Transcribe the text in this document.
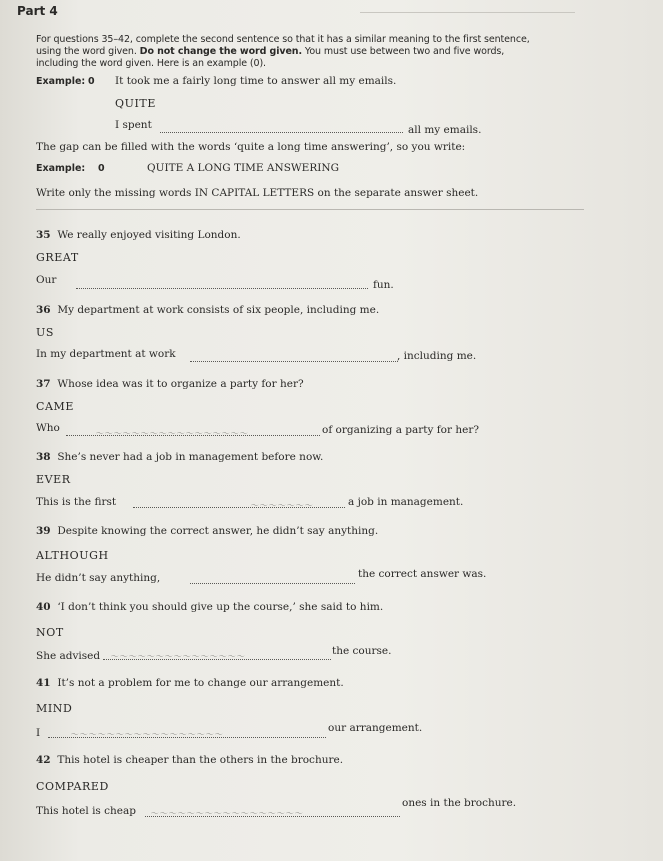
Part 4
For questions 35–42, complete the second sentence so that it has a similar meaning to the first sentence,
using the word given. Do not change the word given. You must use between two and five words,
including the word given. Here is an example (0).
Example: 0 It took me a fairly long time to answer all my emails.
QUITE
I spent	all my emails.
The gap can be filled with the words ‘quite a long time answering’, so you write:
Example: 0	QUITE A LONG TIME ANSWERING
Write only the missing words IN CAPITAL LETTERS on the separate answer sheet.
35 We really enjoyed visiting London.
GREAT
Our	fun.
36 My department at work consists of six people, including me.
US
In my department at work	, including me.
37 Whose idea was it to organize a party for her?
CAME
Who	～～～～～～～～～～～～～～～～～	of organizing a party for her?
38 She’s never had a job in management before now.
EVER
This is the first	～～～～～～～	a job in management.
39 Despite knowing the correct answer, he didn’t say anything.
ALTHOUGH
He didn’t say anything,	the correct answer was.
40 ‘I don’t think you should give up the course,’ she said to him.
NOT
She advised ～～～～～～～～～～～～～～～	the course.
41 It’s not a problem for me to change our arrangement.
MIND
I	～～～～～～～～～～～～～～～～～
our arrangement.
42 This hotel is cheaper than the others in the brochure.
COMPARED
This hotel is cheap ～～～～～～～～～～～～～～～～～
ones in the brochure.
